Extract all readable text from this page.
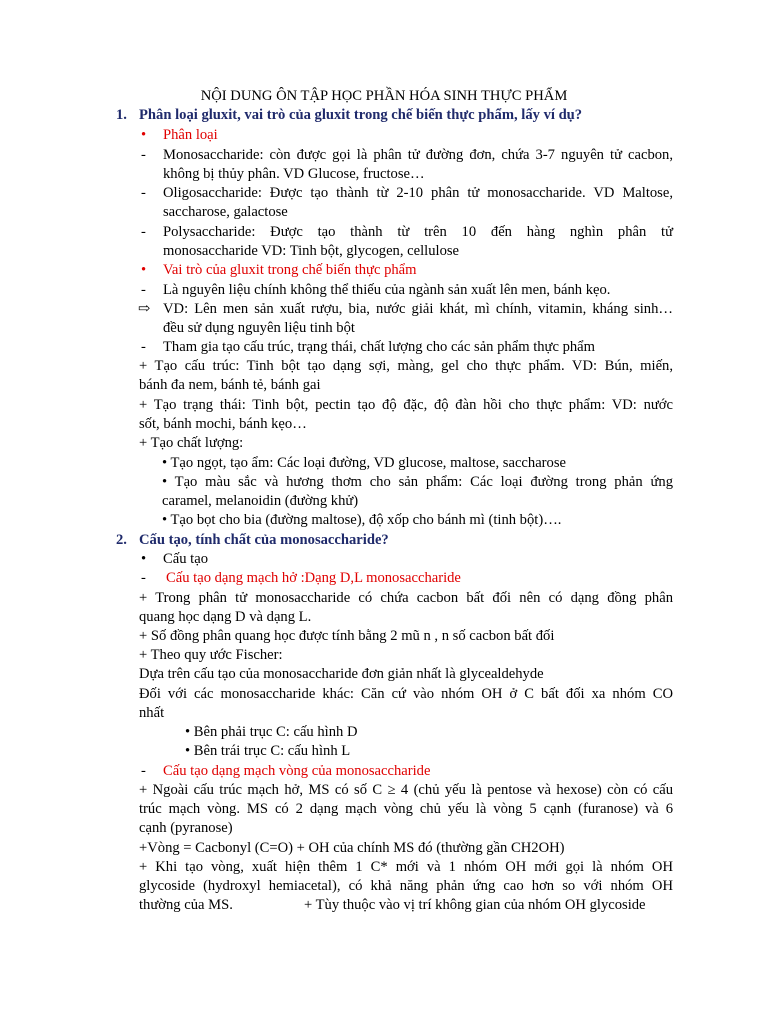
NỘI DUNG ÔN TẬP HỌC PHẦN HÓA SINH THỰC PHẨM
1. Phân loại gluxit, vai trò của gluxit trong chế biến thực phẩm, lấy ví dụ?
• Phân loại
- Monosaccharide: còn được gọi là phân tử đường đơn, chứa 3-7 nguyên tử cacbon,
không bị thủy phân. VD Glucose, fructose…
- Oligosaccharide: Được tạo thành từ 2-10 phân tử monosaccharide. VD Maltose,
saccharose, galactose
- Polysaccharide: Được tạo thành từ trên 10 đến hàng nghìn phân tử
monosaccharide VD: Tinh bột, glycogen, cellulose
• Vai trò của gluxit trong chế biến thực phẩm
- Là nguyên liệu chính không thể thiếu của ngành sản xuất lên men, bánh kẹo.
⇨ VD: Lên men sản xuất rượu, bia, nước giải khát, mì chính, vitamin, kháng sinh…
đều sử dụng nguyên liệu tinh bột
- Tham gia tạo cấu trúc, trạng thái, chất lượng cho các sản phẩm thực phẩm
+ Tạo cấu trúc: Tinh bột tạo dạng sợi, màng, gel cho thực phẩm. VD: Bún, miến,
bánh đa nem, bánh tẻ, bánh gai
+ Tạo trạng thái: Tinh bột, pectin tạo độ đặc, độ đàn hồi cho thực phẩm: VD: nước
sốt, bánh mochi, bánh kẹo…
+ Tạo chất lượng:
• Tạo ngọt, tạo ẩm: Các loại đường, VD glucose, maltose, saccharose
• Tạo màu sắc và hương thơm cho sản phẩm: Các loại đường trong phản ứng
caramel, melanoidin (đường khử)
• Tạo bọt cho bia (đường maltose), độ xốp cho bánh mì (tinh bột)….
2. Cấu tạo, tính chất của monosaccharide?
• Cấu tạo
- Cấu tạo dạng mạch hở :Dạng D,L monosaccharide
+ Trong phân tử monosaccharide có chứa cacbon bất đối nên có dạng đồng phân
quang học dạng D và dạng L.
+ Số đồng phân quang học được tính bằng 2 mũ n , n số cacbon bất đối
+ Theo quy ước Fischer:
Dựa trên cấu tạo của monosaccharide đơn giản nhất là glycealdehyde
Đối với các monosaccharide khác: Căn cứ vào nhóm OH ở C bất đối xa nhóm CO
nhất
• Bên phải trục C: cấu hình D
• Bên trái trục C: cấu hình L
- Cấu tạo dạng mạch vòng của monosaccharide
+ Ngoài cấu trúc mạch hở, MS có số C ≥ 4 (chủ yếu là pentose và hexose) còn có cấu
trúc mạch vòng. MS có 2 dạng mạch vòng chủ yếu là vòng 5 cạnh (furanose) và 6
cạnh (pyranose)
+Vòng = Cacbonyl (C=O) + OH của chính MS đó (thường gần CH2OH)
+ Khi tạo vòng, xuất hiện thêm 1 C* mới và 1 nhóm OH mới gọi là nhóm OH
glycoside (hydroxyl hemiacetal), có khả năng phản ứng cao hơn so với nhóm OH
thường của MS.	+ Tùy thuộc vào vị trí không gian của nhóm OH glycoside
